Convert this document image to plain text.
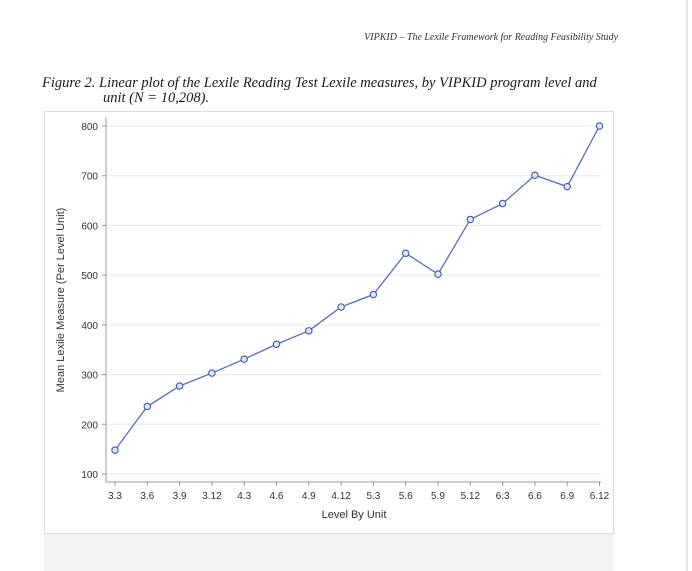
VIPKID – The Lexile Framework for Reading Feasibility Study
Figure 2. Linear plot of the Lexile Reading Test Lexile measures, by VIPKID program level and
unit (N = 10,208).
100
200
300
400
500
600
700
800
3.3 3.6 3.9 3.12 4.3 4.6 4.9 4.12 5.3 5.6 5.9 5.12 6.3 6.6 6.9 6.12
Level By Unit
Mean Lexile Measure (Per Level Unit)
